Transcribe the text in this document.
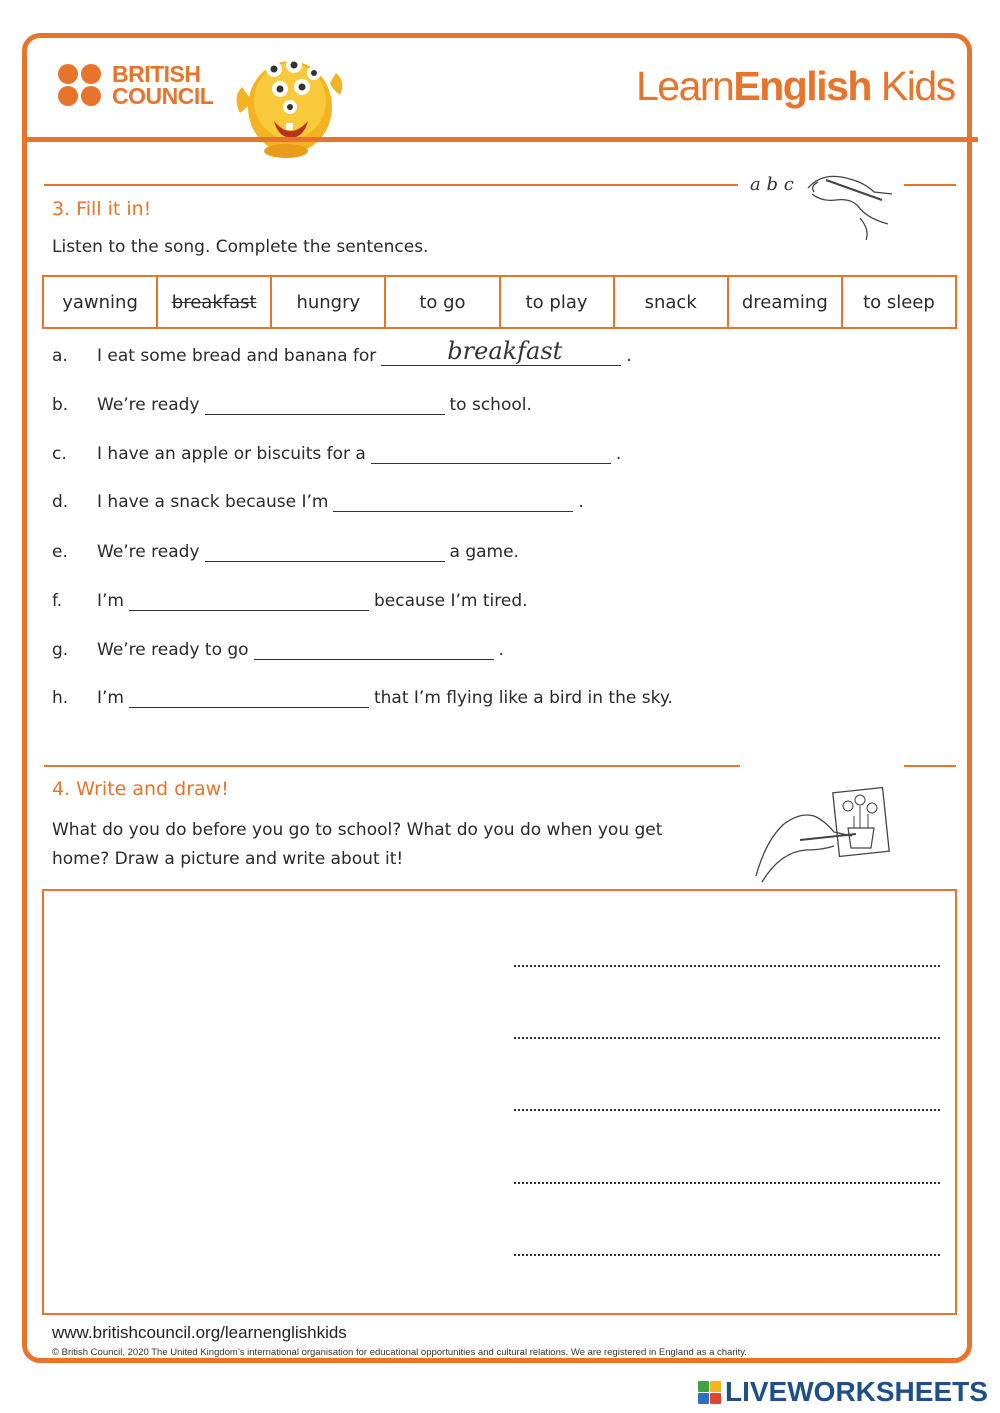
BRITISH
COUNCIL	LearnEnglish Kids
a b c
3. Fill it in!
Listen to the song. Complete the sentences.
yawning	breakfast	hungry	to go	to play	snack	dreaming	to sleep
a.	I eat some bread and banana for	breakfast	.
b.	We’re ready	to school.
c.	I have an apple or biscuits for a	.
d.	I have a snack because I’m	.
e.	We’re ready	a game.
f.	I’m	because I’m tired.
g.	We’re ready to go	.
h.	I’m	that I’m flying like a bird in the sky.
4. Write and draw!
What do you do before you go to school? What do you do when you get
home? Draw a picture and write about it!
www.britishcouncil.org/learnenglishkids
© British Council, 2020 The United Kingdom’s international organisation for educational opportunities and cultural relations. We are registered in England as a charity.
LIVEWORKSHEETS
